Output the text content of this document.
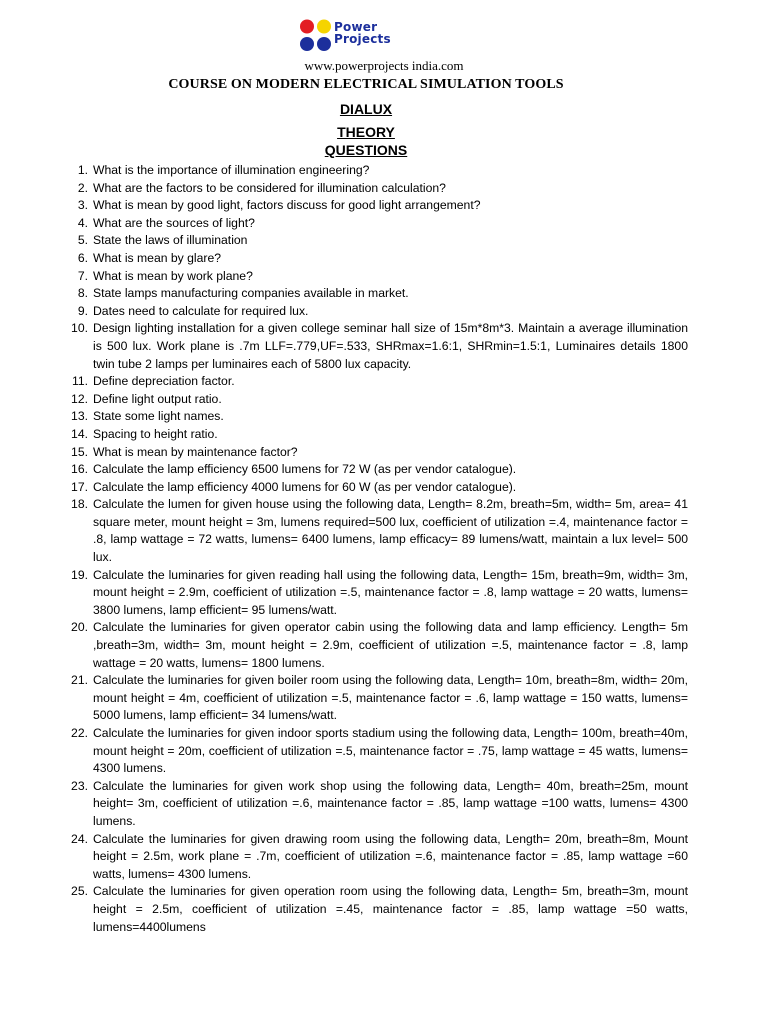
Power
Projects
www.powerprojects india.com
COURSE ON MODERN ELECTRICAL SIMULATION TOOLS
DIALUX
THEORY
QUESTIONS
1. What is the importance of illumination engineering?
2. What are the factors to be considered for illumination calculation?
3. What is mean by good light, factors discuss for good light arrangement?
4. What are the sources of light?
5. State the laws of illumination
6. What is mean by glare?
7. What is mean by work plane?
8. State lamps manufacturing companies available in market.
9. Dates need to calculate for required lux.
10. Design lighting installation for a given college seminar hall size of 15m*8m*3. Maintain a average illumination is 500 lux. Work plane is .7m LLF=.779,UF=.533, SHRmax=1.6:1, SHRmin=1.5:1, Luminaires details 1800 twin tube 2 lamps per luminaires each of 5800 lux capacity.
11. Define depreciation factor.
12. Define light output ratio.
13. State some light names.
14. Spacing to height ratio.
15. What is mean by maintenance factor?
16. Calculate the lamp efficiency 6500 lumens for 72 W (as per vendor catalogue).
17. Calculate the lamp efficiency 4000 lumens for 60 W (as per vendor catalogue).
18. Calculate the lumen for given house using the following data, Length= 8.2m, breath=5m, width= 5m, area= 41 square meter, mount height = 3m, lumens required=500 lux, coefficient of utilization =.4, maintenance factor = .8, lamp wattage = 72 watts, lumens= 6400 lumens, lamp efficacy= 89 lumens/watt, maintain a lux level= 500 lux.
19. Calculate the luminaries for given reading hall using the following data, Length= 15m, breath=9m, width= 3m, mount height = 2.9m, coefficient of utilization =.5, maintenance factor = .8, lamp wattage = 20 watts, lumens= 3800 lumens, lamp efficient= 95 lumens/watt.
20. Calculate the luminaries for given operator cabin using the following data and lamp efficiency. Length= 5m ,breath=3m, width= 3m, mount height = 2.9m, coefficient of utilization =.5, maintenance factor = .8, lamp wattage = 20 watts, lumens= 1800 lumens.
21. Calculate the luminaries for given boiler room using the following data, Length= 10m, breath=8m, width= 20m, mount height = 4m, coefficient of utilization =.5, maintenance factor = .6, lamp wattage = 150 watts, lumens= 5000 lumens, lamp efficient= 34 lumens/watt.
22. Calculate the luminaries for given indoor sports stadium using the following data, Length= 100m, breath=40m, mount height = 20m, coefficient of utilization =.5, maintenance factor = .75, lamp wattage = 45 watts, lumens= 4300 lumens.
23. Calculate the luminaries for given work shop using the following data, Length= 40m, breath=25m, mount height= 3m, coefficient of utilization =.6, maintenance factor = .85, lamp wattage =100 watts, lumens= 4300 lumens.
24. Calculate the luminaries for given drawing room using the following data, Length= 20m, breath=8m, Mount height = 2.5m, work plane = .7m, coefficient of utilization =.6, maintenance factor = .85, lamp wattage =60 watts, lumens= 4300 lumens.
25. Calculate the luminaries for given operation room using the following data, Length= 5m, breath=3m, mount height = 2.5m, coefficient of utilization =.45, maintenance factor = .85, lamp wattage =50 watts, lumens=4400lumens
